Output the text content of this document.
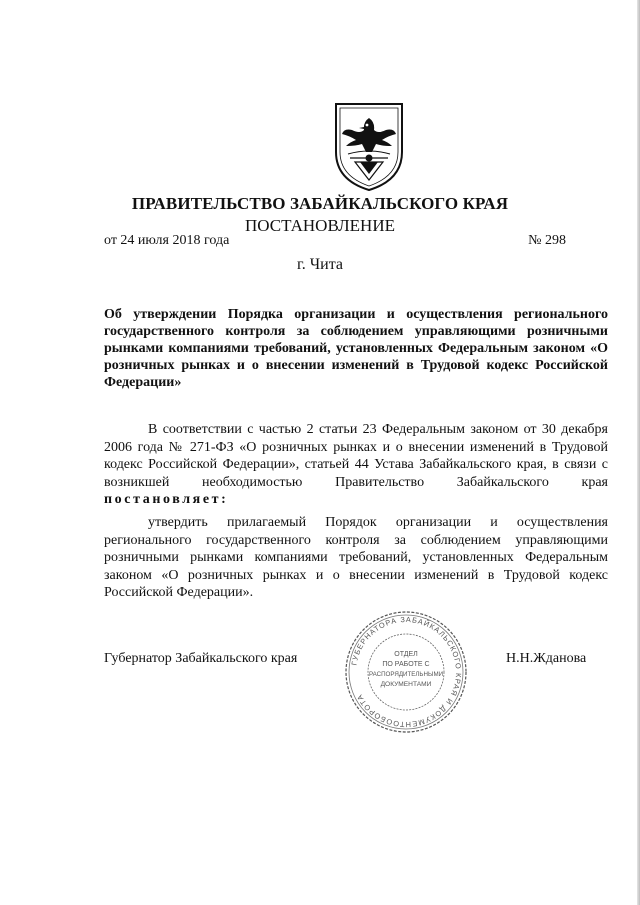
ПРАВИТЕЛЬСТВО ЗАБАЙКАЛЬСКОГО КРАЯ
ПОСТАНОВЛЕНИЕ
от 24 июля 2018 года	№ 298
г. Чита
Об утверждении Порядка организации и осуществления регионального государственного контроля за соблюдением управляющими розничными рынками компаниями требований, установленных Федеральным законом «О розничных рынках и о внесении изменений в Трудовой кодекс Российской Федерации»
В соответствии с частью 2 статьи 23 Федеральным законом от 30 декабря 2006 года № 271-ФЗ «О розничных рынках и о внесении изменений в Трудовой кодекс Российской Федерации», статьей 44 Устава Забайкальского края, в связи с возникшей необходимостью Правительство Забайкальского края постановляет:
утвердить прилагаемый Порядок организации и осуществления регионального государственного контроля за соблюдением управляющими розничными рынками компаниями требований, установленных Федеральным законом «О розничных рынках и о внесении изменений в Трудовой кодекс Российской Федерации».
Губернатор Забайкальского края	Н.Н.Жданова
ГУБЕРНАТОРА ЗАБАЙКАЛЬСКОГО КРАЯ И ДОКУМЕНТООБОРОТА
ОТДЕЛ
ПО РАБОТЕ С
РАСПОРЯДИТЕЛЬНЫМИ
ДОКУМЕНТАМИ
